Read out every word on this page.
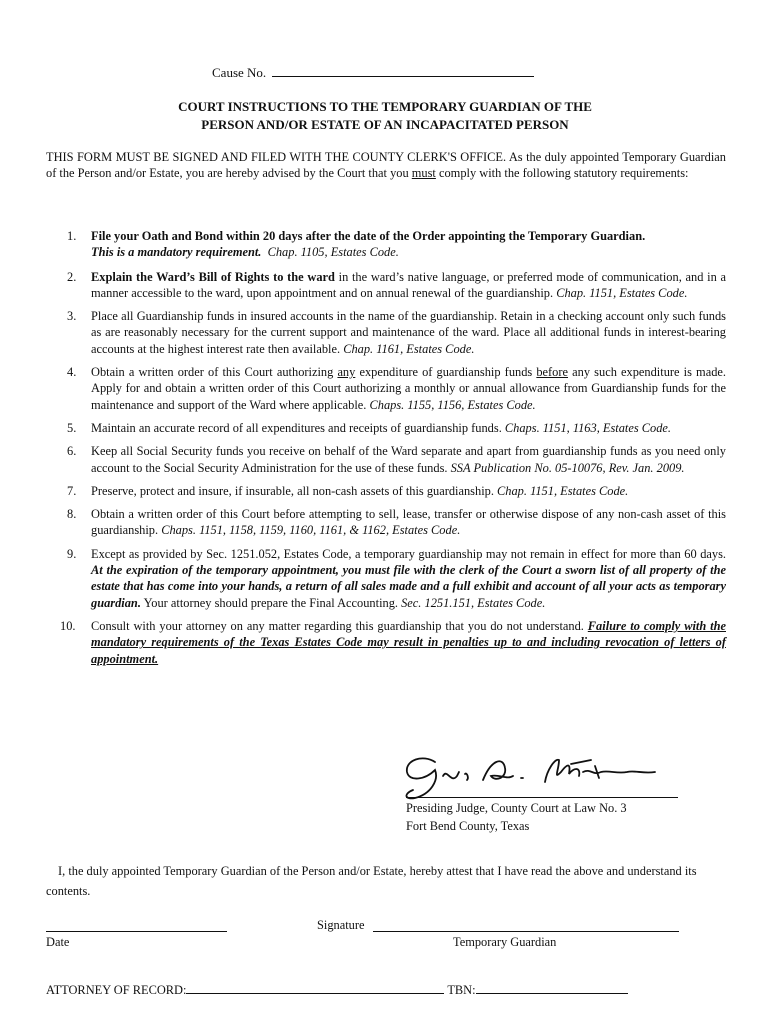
Cause No.
COURT INSTRUCTIONS TO THE TEMPORARY GUARDIAN OF THE
PERSON AND/OR ESTATE OF AN INCAPACITATED PERSON
THIS FORM MUST BE SIGNED AND FILED WITH THE COUNTY CLERK'S OFFICE. As the duly appointed Temporary Guardian of the Person and/or Estate, you are hereby advised by the Court that you must comply with the following statutory requirements:
1.	File your Oath and Bond within 20 days after the date of the Order appointing the Temporary Guardian.
This is a mandatory requirement. Chap. 1105, Estates Code.
2.	Explain the Ward’s Bill of Rights to the ward in the ward’s native language, or preferred mode of communication, and in a manner accessible to the ward, upon appointment and on annual renewal of the guardianship. Chap. 1151, Estates Code.
3.	Place all Guardianship funds in insured accounts in the name of the guardianship. Retain in a checking account only such funds as are reasonably necessary for the current support and maintenance of the ward. Place all additional funds in interest-bearing accounts at the highest interest rate then available. Chap. 1161, Estates Code.
4.	Obtain a written order of this Court authorizing any expenditure of guardianship funds before any such expenditure is made. Apply for and obtain a written order of this Court authorizing a monthly or annual allowance from Guardianship funds for the maintenance and support of the Ward where applicable. Chaps. 1155, 1156, Estates Code.
5.	Maintain an accurate record of all expenditures and receipts of guardianship funds. Chaps. 1151, 1163, Estates Code.
6.	Keep all Social Security funds you receive on behalf of the Ward separate and apart from guardianship funds as you need only account to the Social Security Administration for the use of these funds. SSA Publication No. 05-10076, Rev. Jan. 2009.
7.	Preserve, protect and insure, if insurable, all non-cash assets of this guardianship. Chap. 1151, Estates Code.
8.	Obtain a written order of this Court before attempting to sell, lease, transfer or otherwise dispose of any non-cash asset of this guardianship. Chaps. 1151, 1158, 1159, 1160, 1161, & 1162, Estates Code.
9.	Except as provided by Sec. 1251.052, Estates Code, a temporary guardianship may not remain in effect for more than 60 days. At the expiration of the temporary appointment, you must file with the clerk of the Court a sworn list of all property of the estate that has come into your hands, a return of all sales made and a full exhibit and account of all your acts as temporary guardian. Your attorney should prepare the Final Accounting. Sec. 1251.151, Estates Code.
10.	Consult with your attorney on any matter regarding this guardianship that you do not understand. Failure to comply with the mandatory requirements of the Texas Estates Code may result in penalties up to and including revocation of letters of appointment.
Presiding Judge, County Court at Law No. 3
Fort Bend County, Texas
I, the duly appointed Temporary Guardian of the Person and/or Estate, hereby attest that I have read the above and understand its contents.
Date
Signature
Temporary Guardian
ATTORNEY OF RECORD:	TBN:
